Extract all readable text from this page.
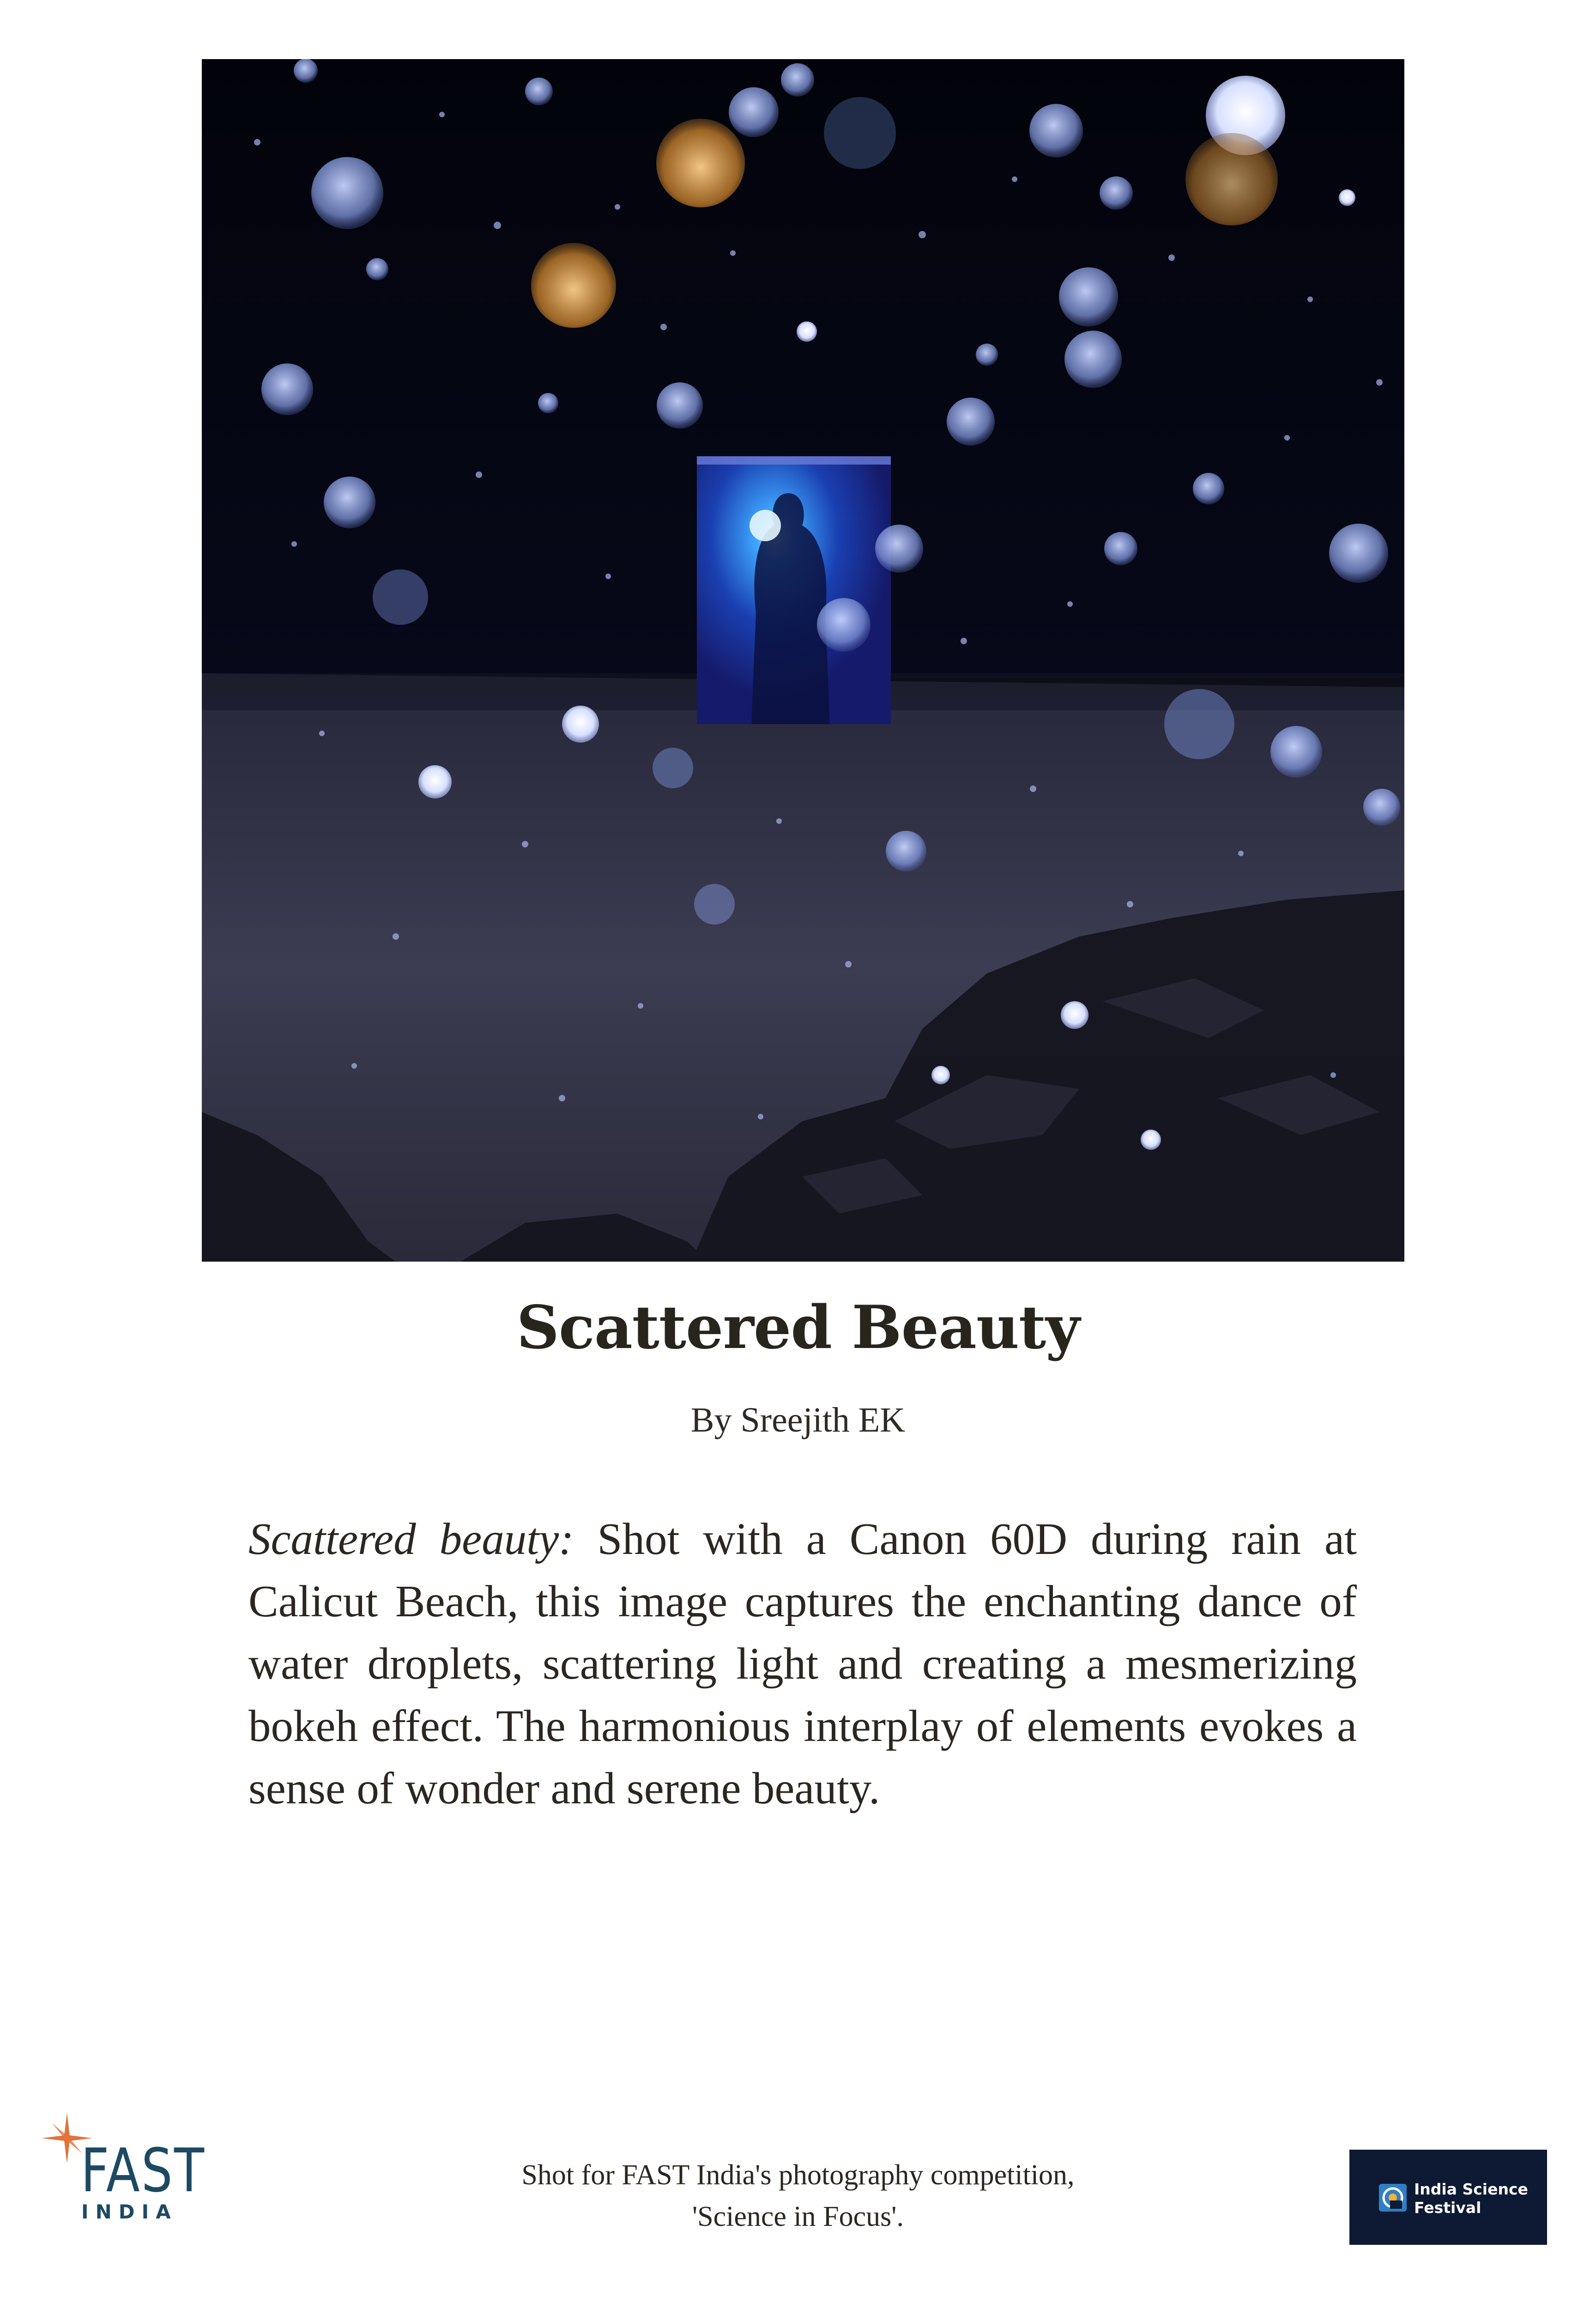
Scattered Beauty
By Sreejith EK
Scattered beauty: Shot with a Canon 60D during rain at Calicut Beach, this image captures the enchanting dance of water droplets, scattering light and creating a mesmerizing bokeh effect. The harmonious interplay of elements evokes a sense of wonder and serene beauty.
FAST
INDIA
Shot for FAST India's photography competition,
'Science in Focus'.
India Science
Festival
